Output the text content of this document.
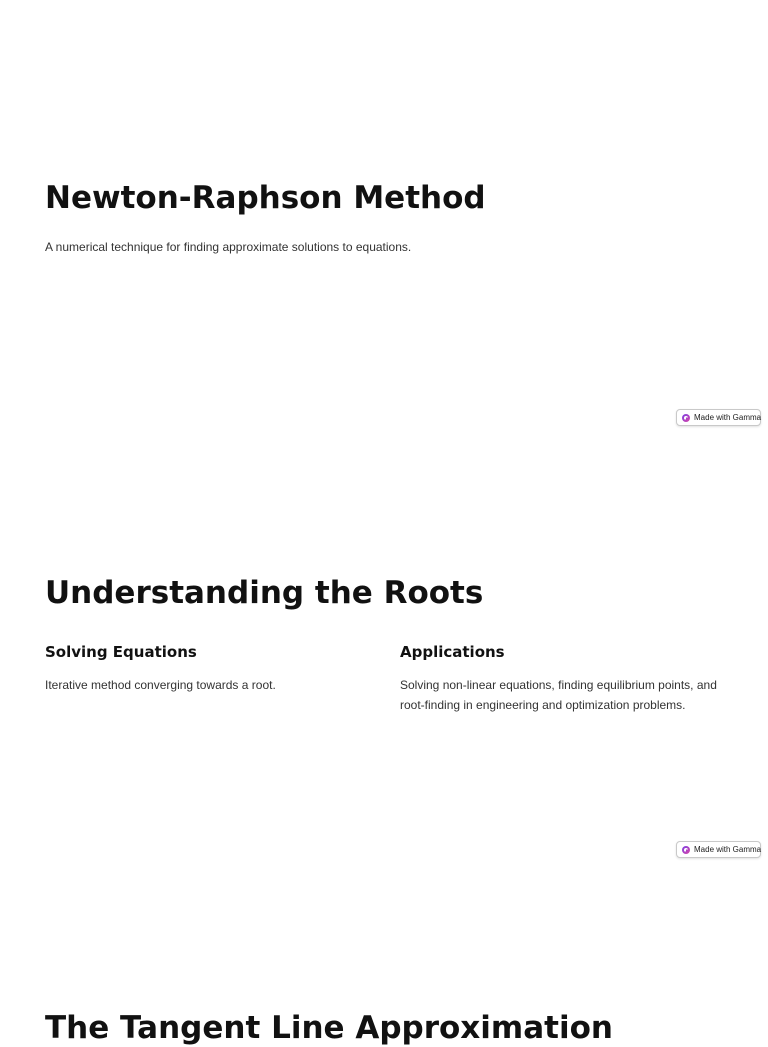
Newton-Raphson Method

A numerical technique for finding approximate solutions to equations.

Made with Gamma
Understanding the Roots
Solving Equations

Iterative method converging towards a root.

Applications

Solving non-linear equations, finding equilibrium points, and root-finding in engineering and optimization problems.

Made with Gamma
The Tangent Line Approximation
